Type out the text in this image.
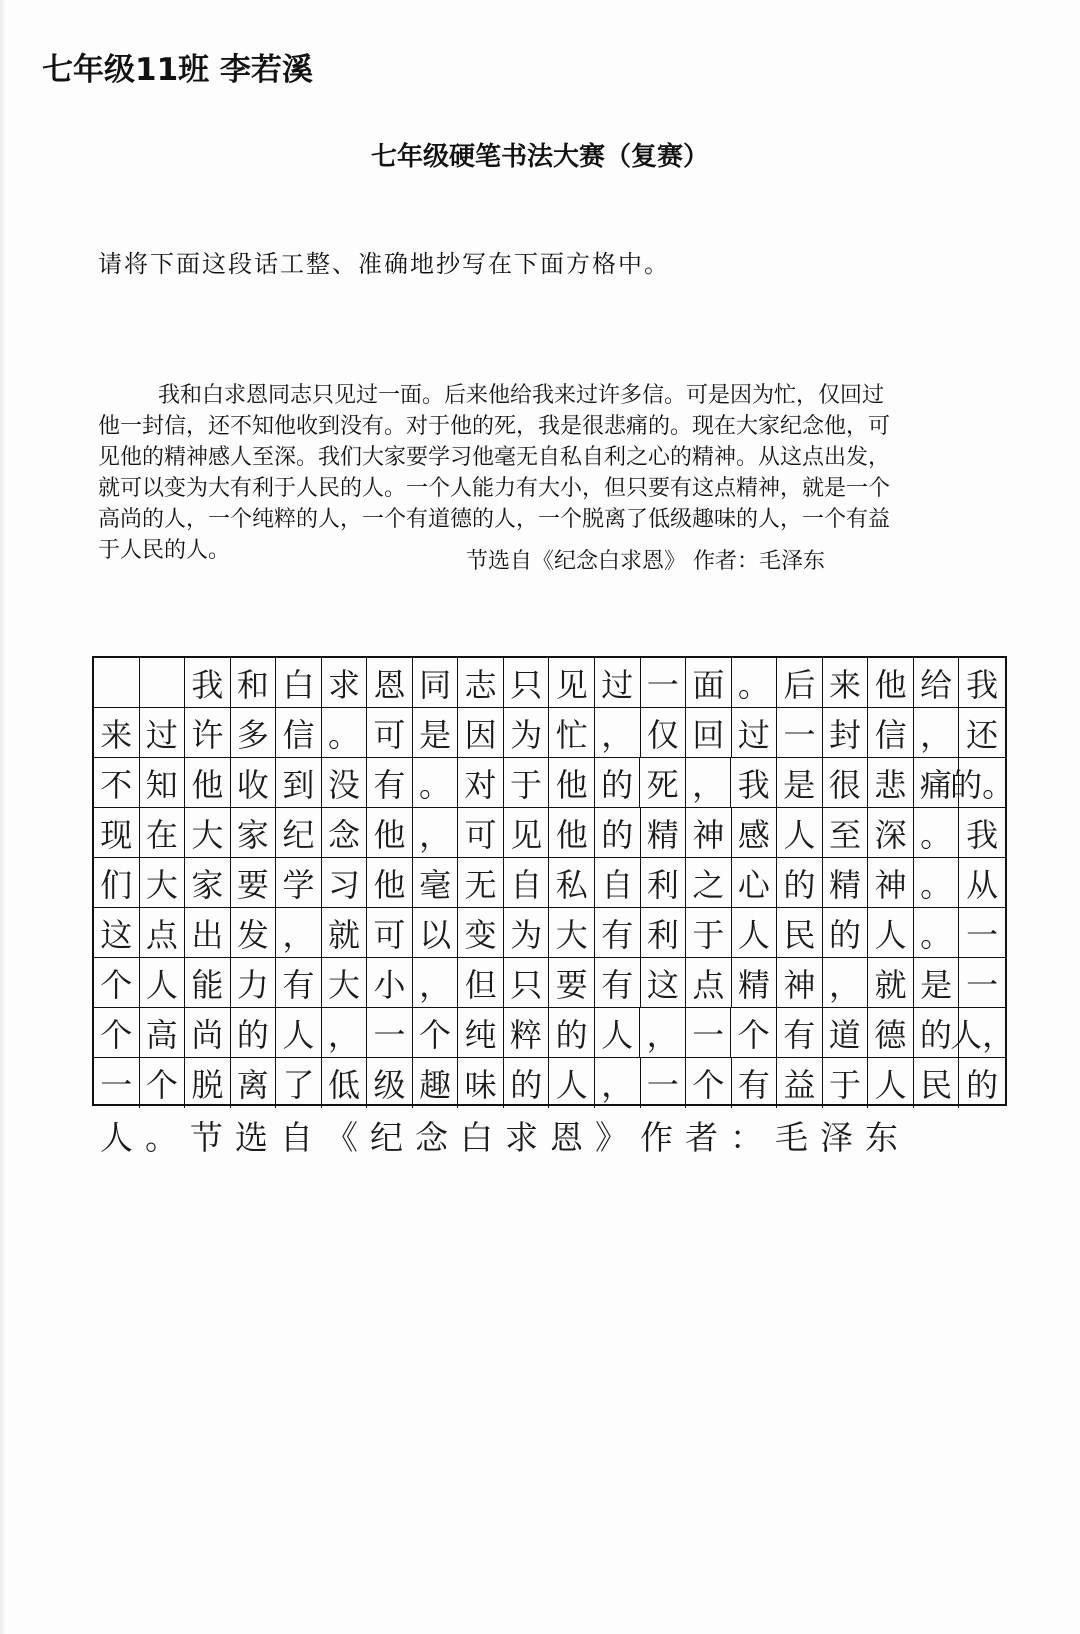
七年级11班 李若溪
七年级硬笔书法大赛（复赛）
请将下面这段话工整、准确地抄写在下面方格中。
我和白求恩同志只见过一面。后来他给我来过许多信。可是因为忙，仅回过
他一封信，还不知他收到没有。对于他的死，我是很悲痛的。现在大家纪念他，可
见他的精神感人至深。我们大家要学习他毫无自私自利之心的精神。从这点出发，
就可以变为大有利于人民的人。一个人能力有大小，但只要有这点精神，就是一个
高尚的人，一个纯粹的人，一个有道德的人，一个脱离了低级趣味的人，一个有益
于人民的人。	节选自《纪念白求恩》 作者：毛泽东
我 和 白 求 恩 同 志 只 见 过 一 面 。 后 来 他 给 我
来 过 许 多 信 。 可 是 因 为 忙 ， 仅 回 过 一 封 信 ， 还
不 知 他 收 到 没 有 。 对 于 他 的 死 ， 我 是 很 悲 痛
的。
现 在 大 家 纪 念 他 ， 可 见 他 的 精 神 感 人 至 深 。 我
们 大 家 要 学 习 他 毫 无 自 私 自 利 之 心 的 精 神 。 从
这 点 出 发 ， 就 可 以 变 为 大 有 利 于 人 民 的 人 。 一
个 人 能 力 有 大 小 ， 但 只 要 有 这 点 精 神 ， 就 是 一
个 高 尚 的 人 ， 一 个 纯 粹 的 人 ， 一 个 有 道 德 的
人，
一 个 脱 离 了 低 级 趣 味 的 人 ， 一 个 有 益 于 人 民 的
人。节选自《纪念白求恩》作者：毛泽东
